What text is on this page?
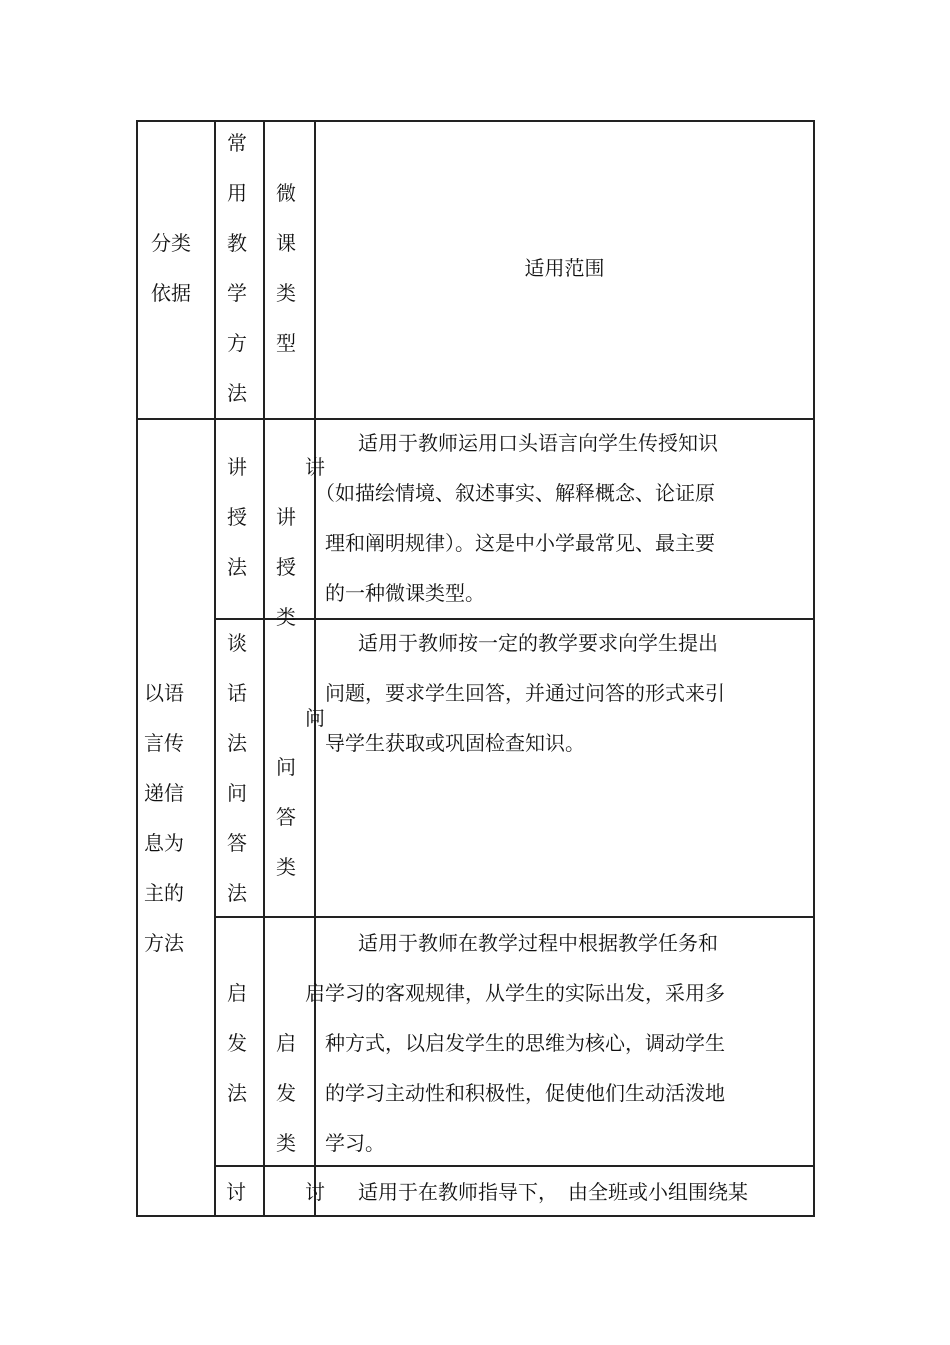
分类
依据
常用教学方法
微课类型
适用范围
以语
言传
递信
息为
主的
方法
讲授法
讲授类
讲
适用于教师运用口头语言向学生传授知识
（如描绘情境、叙述事实、解释概念、论证原
理和阐明规律）。这是中小学最常见、最主要
的一种微课类型。
谈话法问答法
问答类
问
适用于教师按一定的教学要求向学生提出
问题，要求学生回答，并通过问答的形式来引
导学生获取或巩固检查知识。
启发法
启发类
启
适用于教师在教学过程中根据教学任务和
学习的客观规律，从学生的实际出发，采用多
种方式，以启发学生的思维为核心，调动学生
的学习主动性和积极性，促使他们生动活泼地
学习。
讨	讨 适用于在教师指导下，　由全班或小组围绕某
